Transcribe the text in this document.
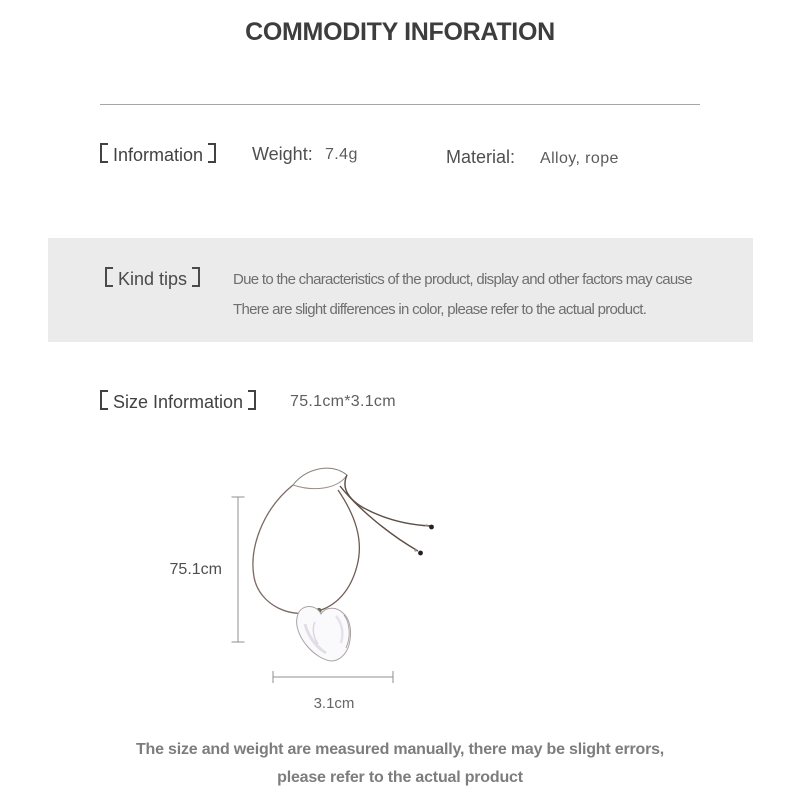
COMMODITY INFORATION
Information	Weight: 7.4g	Material: Alloy, rope
Kind tips	Due to the characteristics of the product, display and other factors may cause
There are slight differences in color, please refer to the actual product.
Size Information	75.1cm*3.1cm
75.1cm
3.1cm
The size and weight are measured manually, there may be slight errors,
please refer to the actual product
